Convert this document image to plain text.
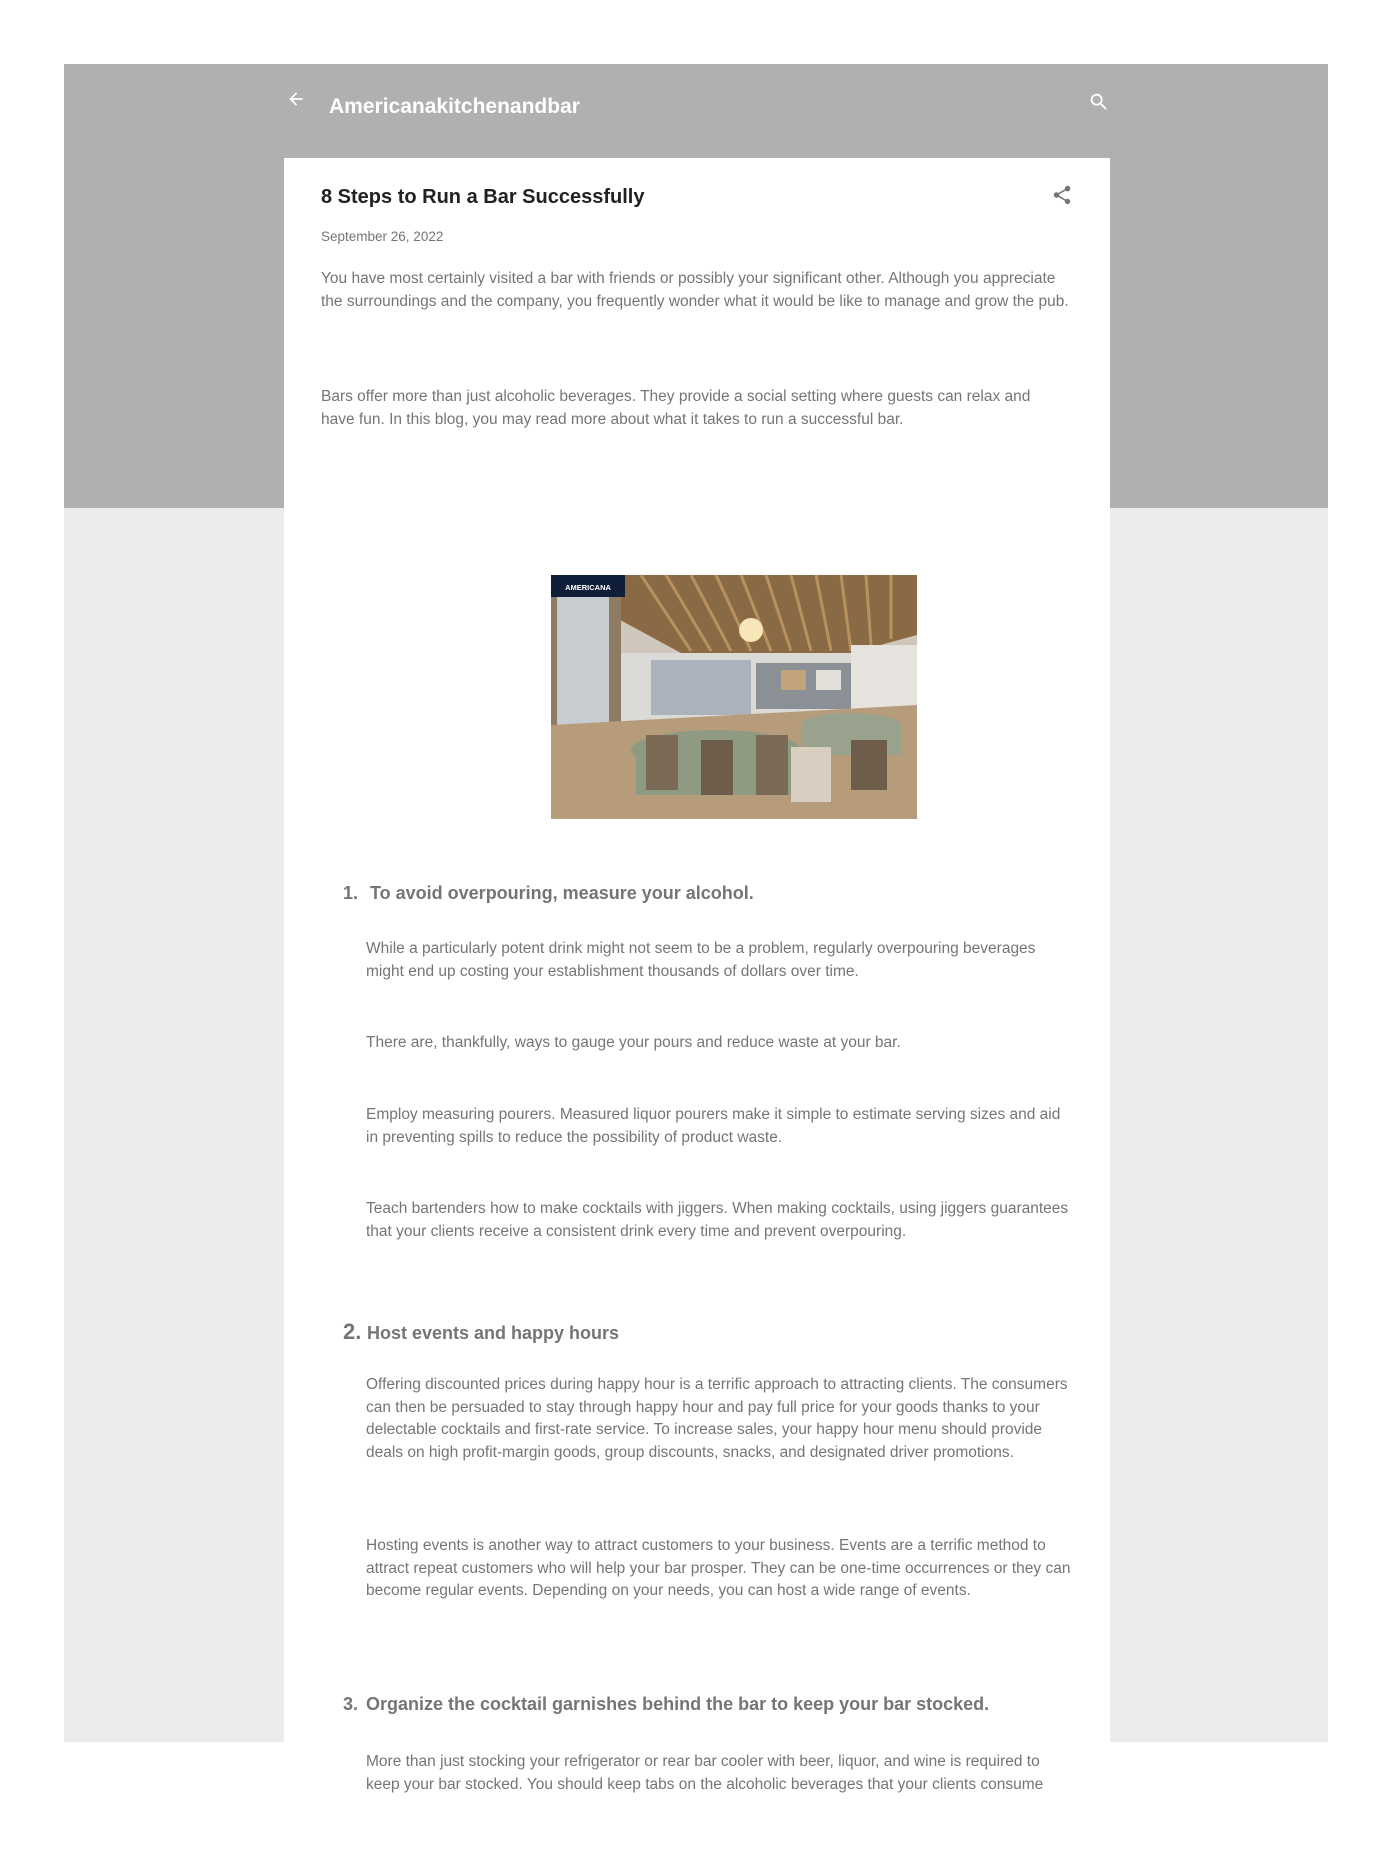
Americanakitchenandbar
8 Steps to Run a Bar Successfully

September 26, 2022

You have most certainly visited a bar with friends or possibly your significant other. Although you appreciate the surroundings and the company, you frequently wonder what it would be like to manage and grow the pub.

Bars offer more than just alcoholic beverages. They provide a social setting where guests can relax and have fun. In this blog, you may read more about what it takes to run a successful bar.

AMERICANA
1. To avoid overpouring, measure your alcohol.

While a particularly potent drink might not seem to be a problem, regularly overpouring beverages might end up costing your establishment thousands of dollars over time.

There are, thankfully, ways to gauge your pours and reduce waste at your bar.

Employ measuring pourers. Measured liquor pourers make it simple to estimate serving sizes and aid in preventing spills to reduce the possibility of product waste.

Teach bartenders how to make cocktails with jiggers. When making cocktails, using jiggers guarantees that your clients receive a consistent drink every time and prevent overpouring.

2. Host events and happy hours

Offering discounted prices during happy hour is a terrific approach to attracting clients. The consumers can then be persuaded to stay through happy hour and pay full price for your goods thanks to your delectable cocktails and first-rate service. To increase sales, your happy hour menu should provide deals on high profit-margin goods, group discounts, snacks, and designated driver promotions.

Hosting events is another way to attract customers to your business. Events are a terrific method to attract repeat customers who will help your bar prosper. They can be one-time occurrences or they can become regular events. Depending on your needs, you can host a wide range of events.

3. Organize the cocktail garnishes behind the bar to keep your bar stocked.

More than just stocking your refrigerator or rear bar cooler with beer, liquor, and wine is required to keep your bar stocked. You should keep tabs on the alcoholic beverages that your clients consume
